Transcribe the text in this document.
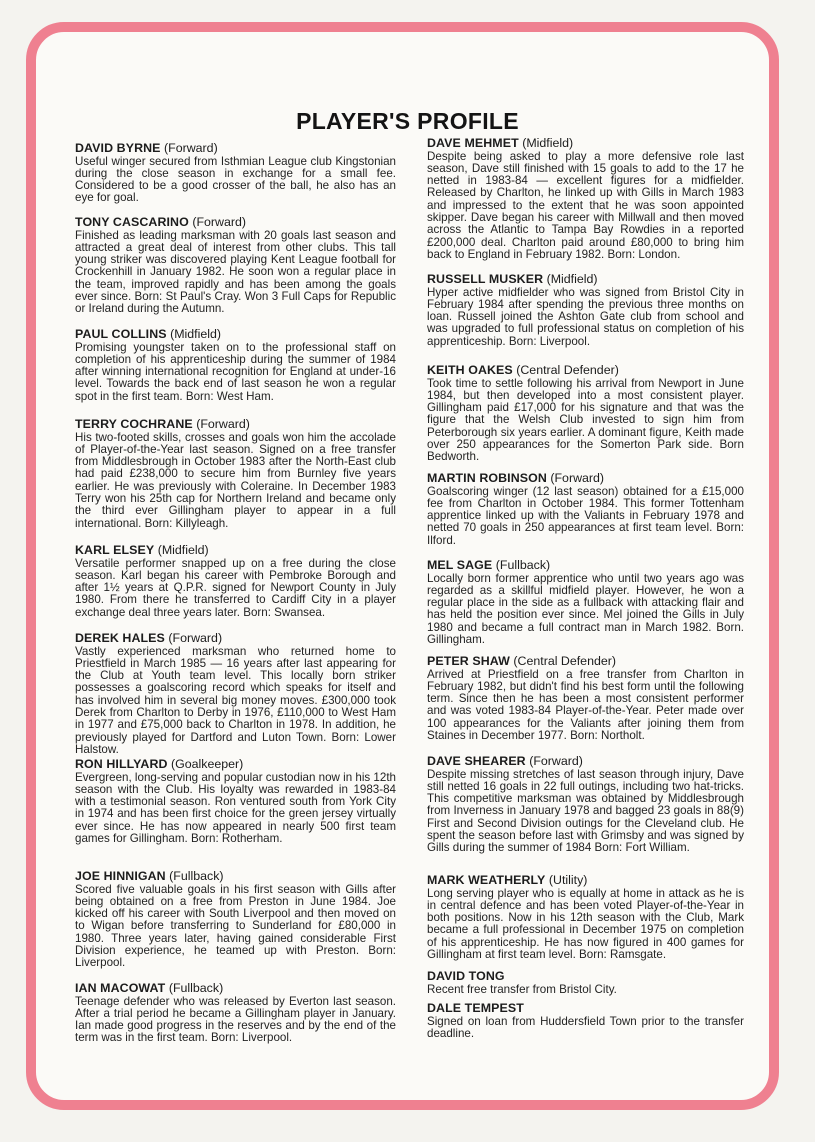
PLAYER'S PROFILE

DAVID BYRNE (Forward)

Useful winger secured from Isthmian League club Kingstonian during the close season in exchange for a small fee. Considered to be a good crosser of the ball, he also has an eye for goal.

TONY CASCARINO (Forward)

Finished as leading marksman with 20 goals last season and attracted a great deal of interest from other clubs. This tall young striker was discovered playing Kent League football for Crockenhill in January 1982. He soon won a regular place in the team, improved rapidly and has been among the goals ever since. Born: St Paul's Cray. Won 3 Full Caps for Republic or Ireland during the Autumn.

PAUL COLLINS (Midfield)

Promising youngster taken on to the professional staff on completion of his apprenticeship during the summer of 1984 after winning international recognition for England at under-16 level. Towards the back end of last season he won a regular spot in the first team. Born: West Ham.

TERRY COCHRANE (Forward)

His two-footed skills, crosses and goals won him the accolade of Player-of-the-Year last season. Signed on a free transfer from Middlesbrough in October 1983 after the North-East club had paid £238,000 to secure him from Burnley five years earlier. He was previously with Coleraine. In December 1983 Terry won his 25th cap for Northern Ireland and became only the third ever Gillingham player to appear in a full international. Born: Killyleagh.

KARL ELSEY (Midfield)

Versatile performer snapped up on a free during the close season. Karl began his career with Pembroke Borough and after 1½ years at Q.P.R. signed for Newport County in July 1980. From there he transferred to Cardiff City in a player exchange deal three years later. Born: Swansea.

DEREK HALES (Forward)

Vastly experienced marksman who returned home to Priestfield in March 1985 — 16 years after last appearing for the Club at Youth team level. This locally born striker possesses a goalscoring record which speaks for itself and has involved him in several big money moves. £300,000 took Derek from Charlton to Derby in 1976, £110,000 to West Ham in 1977 and £75,000 back to Charlton in 1978. In addition, he previously played for Dartford and Luton Town. Born: Lower Halstow.

RON HILLYARD (Goalkeeper)

Evergreen, long-serving and popular custodian now in his 12th season with the Club. His loyalty was rewarded in 1983-84 with a testimonial season. Ron ventured south from York City in 1974 and has been first choice for the green jersey virtually ever since. He has now appeared in nearly 500 first team games for Gillingham. Born: Rotherham.

JOE HINNIGAN (Fullback)

Scored five valuable goals in his first season with Gills after being obtained on a free from Preston in June 1984. Joe kicked off his career with South Liverpool and then moved on to Wigan before transferring to Sunderland for £80,000 in 1980. Three years later, having gained considerable First Division experience, he teamed up with Preston. Born: Liverpool.

IAN MACOWAT (Fullback)

Teenage defender who was released by Everton last season. After a trial period he became a Gillingham player in January. Ian made good progress in the reserves and by the end of the term was in the first team. Born: Liverpool.

DAVE MEHMET (Midfield)

Despite being asked to play a more defensive role last season, Dave still finished with 15 goals to add to the 17 he netted in 1983-84 — excellent figures for a midfielder. Released by Charlton, he linked up with Gills in March 1983 and impressed to the extent that he was soon appointed skipper. Dave began his career with Millwall and then moved across the Atlantic to Tampa Bay Rowdies in a reported £200,000 deal. Charlton paid around £80,000 to bring him back to England in February 1982. Born: London.

RUSSELL MUSKER (Midfield)

Hyper active midfielder who was signed from Bristol City in February 1984 after spending the previous three months on loan. Russell joined the Ashton Gate club from school and was upgraded to full professional status on completion of his apprenticeship. Born: Liverpool.

KEITH OAKES (Central Defender)

Took time to settle following his arrival from Newport in June 1984, but then developed into a most consistent player. Gillingham paid £17,000 for his signature and that was the figure that the Welsh Club invested to sign him from Peterborough six years earlier. A dominant figure, Keith made over 250 appearances for the Somerton Park side. Born Bedworth.

MARTIN ROBINSON (Forward)

Goalscoring winger (12 last season) obtained for a £15,000 fee from Charlton in October 1984. This former Tottenham apprentice linked up with the Valiants in February 1978 and netted 70 goals in 250 appearances at first team level. Born: Ilford.

MEL SAGE (Fullback)

Locally born former apprentice who until two years ago was regarded as a skillful midfield player. However, he won a regular place in the side as a fullback with attacking flair and has held the position ever since. Mel joined the Gills in July 1980 and became a full contract man in March 1982. Born. Gillingham.

PETER SHAW (Central Defender)

Arrived at Priestfield on a free transfer from Charlton in February 1982, but didn't find his best form until the following term. Since then he has been a most consistent performer and was voted 1983-84 Player-of-the-Year. Peter made over 100 appearances for the Valiants after joining them from Staines in December 1977. Born: Northolt.

DAVE SHEARER (Forward)

Despite missing stretches of last season through injury, Dave still netted 16 goals in 22 full outings, including two hat-tricks. This competitive marksman was obtained by Middlesbrough from Inverness in January 1978 and bagged 23 goals in 88(9) First and Second Division outings for the Cleveland club. He spent the season before last with Grimsby and was signed by Gills during the summer of 1984 Born: Fort William.

MARK WEATHERLY (Utility)

Long serving player who is equally at home in attack as he is in central defence and has been voted Player-of-the-Year in both positions. Now in his 12th season with the Club, Mark became a full professional in December 1975 on completion of his apprenticeship. He has now figured in 400 games for Gillingham at first team level. Born: Ramsgate.

DAVID TONG

Recent free transfer from Bristol City.

DALE TEMPEST

Signed on loan from Huddersfield Town prior to the transfer deadline.
